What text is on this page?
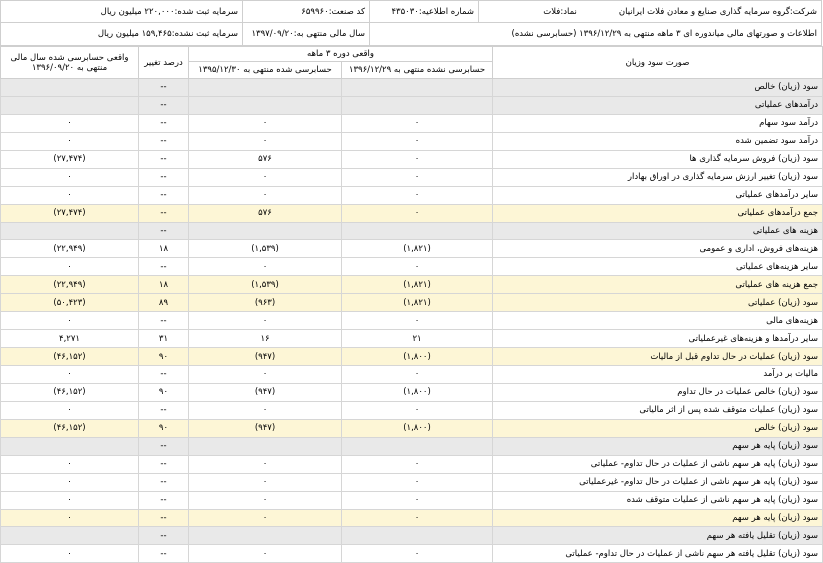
شرکت:
گروه سرمایه گذاری صنایع و معادن فلات ایرانیان
نماد:
فلات
شماره اطلاعیه:
۴۳۵۰۳۰
کد صنعت:
۶۵۹۹۶۰
سرمایه ثبت شده:
۲۲۰,۰۰۰ میلیون ریال
اطلاعات و صورتهای مالی میاندوره ای ۳ ماهه منتهی به ۱۳۹۶/۱۲/۲۹ (حسابرسی نشده)
سال مالی منتهی به:
۱۳۹۷/۰۹/۲۰
سرمایه ثبت نشده:
۱۵۹,۴۶۵ میلیون ریال
صورت سود وزیان	واقعی دوره ۳ ماهه		درصد تغییر	واقعی حسابرسی شده سال مالی منتهی به ۱۳۹۶/۰۹/۲۰
	حسابرسی نشده منتهی به ۱۳۹۶/۱۲/۲۹	حسابرسی شده منتهی به ۱۳۹۵/۱۲/۳۰		
سود (زیان) خالص			--	
درآمدهای عملیاتی			--	
درآمد سود سهام	۰	۰	--	۰
درآمد سود تضمین شده	۰	۰	--	۰
سود (زیان) فروش سرمایه گذاری ها	۰	۵۷۶	--	(۲۷,۴۷۴)
سود (زیان) تغییر ارزش سرمایه گذاری در اوراق بهادار	۰	۰	--	۰
سایر درآمدهای عملیاتی	۰	۰	--	۰
جمع درآمدهای عملیاتی	۰	۵۷۶	--	(۲۷,۴۷۴)
هزینه های عملیاتی			--	
هزینه‌های فروش، اداری و عمومی	(۱,۸۲۱)	(۱,۵۳۹)	۱۸	(۲۲,۹۴۹)
سایر هزینه‌های عملیاتی	۰	۰	--	۰
جمع هزینه های عملیاتی	(۱,۸۲۱)	(۱,۵۳۹)	۱۸	(۲۲,۹۴۹)
سود (زیان) عملیاتی	(۱,۸۲۱)	(۹۶۳)	۸۹	(۵۰,۴۲۳)
هزینه‌های مالی	۰	۰	--	۰
سایر درآمدها و هزینه‌های غیرعملیاتی	۲۱	۱۶	۳۱	۴,۲۷۱
سود (زیان) عملیات در حال تداوم قبل از مالیات	(۱,۸۰۰)	(۹۴۷)	۹۰	(۴۶,۱۵۲)
مالیات بر درآمد	۰	۰	--	۰
سود (زیان) خالص عملیات در حال تداوم	(۱,۸۰۰)	(۹۴۷)	۹۰	(۴۶,۱۵۲)
سود (زیان) عملیات متوقف شده پس از اثر مالیاتی	۰	۰	--	۰
سود (زیان) خالص	(۱,۸۰۰)	(۹۴۷)	۹۰	(۴۶,۱۵۲)
سود (زیان) پایه هر سهم			--	
سود (زیان) پایه هر سهم ناشی از عملیات در حال تداوم- عملیاتی	۰	۰	--	۰
سود (زیان) پایه هر سهم ناشی از عملیات در حال تداوم- غیرعملیاتی	۰	۰	--	۰
سود (زیان) پایه هر سهم ناشی از عملیات متوقف شده	۰	۰	--	۰
سود (زیان) پایه هر سهم	۰	۰	--	۰
سود (زیان) تقلیل یافته هر سهم			--	
سود (زیان) تقلیل یافته هر سهم ناشی از عملیات در حال تداوم- عملیاتی	۰	۰	--	۰
